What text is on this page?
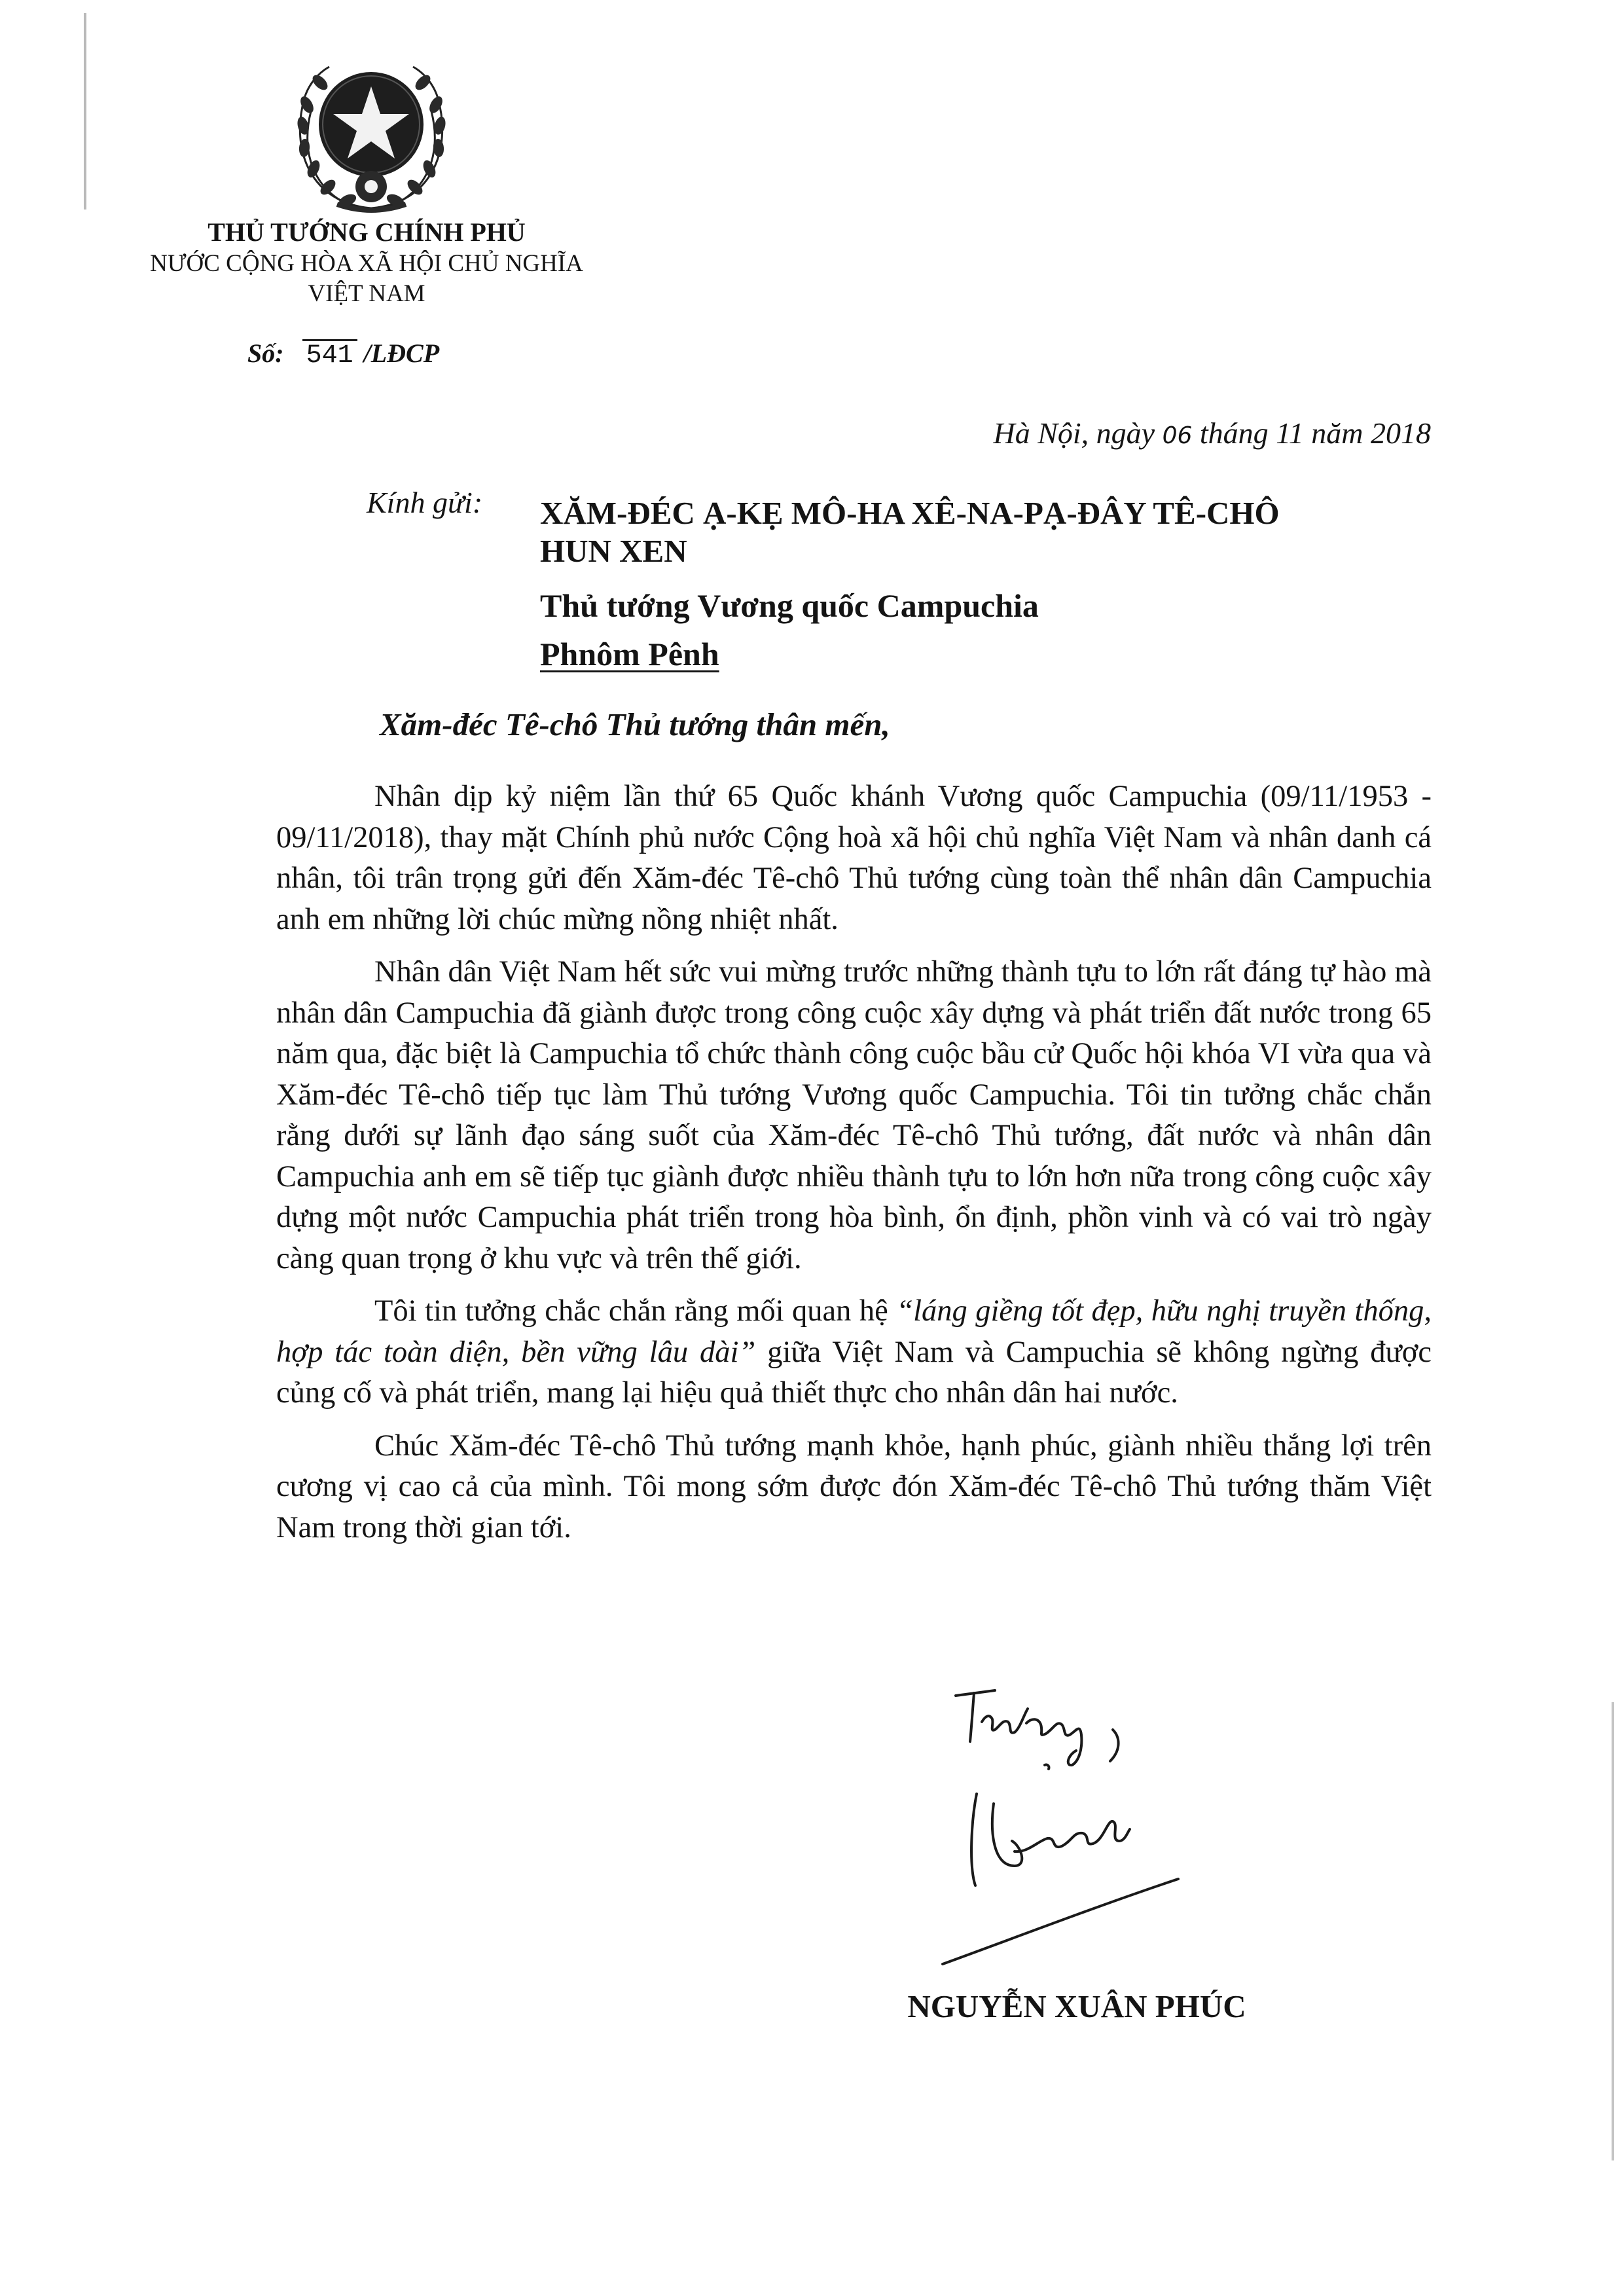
THỦ TƯỚNG CHÍNH PHỦ
NƯỚC CỘNG HÒA XÃ HỘI CHỦ NGHĨA
VIỆT NAM
Số: 541 /LĐCP
Hà Nội, ngày 06 tháng 11 năm 2018
Kính gửi: XĂM-ĐÉC Ạ-KẸ MÔ-HA XÊ-NA-PẠ-ĐÂY TÊ-CHÔ
HUN XEN
Thủ tướng Vương quốc Campuchia
Phnôm Pênh
Xăm-đéc Tê-chô Thủ tướng thân mến,

Nhân dịp kỷ niệm lần thứ 65 Quốc khánh Vương quốc Campuchia (09/11/1953 - 09/11/2018), thay mặt Chính phủ nước Cộng hoà xã hội chủ nghĩa Việt Nam và nhân danh cá nhân, tôi trân trọng gửi đến Xăm-đéc Tê-chô Thủ tướng cùng toàn thể nhân dân Campuchia anh em những lời chúc mừng nồng nhiệt nhất.

Nhân dân Việt Nam hết sức vui mừng trước những thành tựu to lớn rất đáng tự hào mà nhân dân Campuchia đã giành được trong công cuộc xây dựng và phát triển đất nước trong 65 năm qua, đặc biệt là Campuchia tổ chức thành công cuộc bầu cử Quốc hội khóa VI vừa qua và Xăm-đéc Tê-chô tiếp tục làm Thủ tướng Vương quốc Campuchia. Tôi tin tưởng chắc chắn rằng dưới sự lãnh đạo sáng suốt của Xăm-đéc Tê-chô Thủ tướng, đất nước và nhân dân Campuchia anh em sẽ tiếp tục giành được nhiều thành tựu to lớn hơn nữa trong công cuộc xây dựng một nước Campuchia phát triển trong hòa bình, ổn định, phồn vinh và có vai trò ngày càng quan trọng ở khu vực và trên thế giới.

Tôi tin tưởng chắc chắn rằng mối quan hệ “láng giềng tốt đẹp, hữu nghị truyền thống, hợp tác toàn diện, bền vững lâu dài” giữa Việt Nam và Campuchia sẽ không ngừng được củng cố và phát triển, mang lại hiệu quả thiết thực cho nhân dân hai nước.

Chúc Xăm-đéc Tê-chô Thủ tướng mạnh khỏe, hạnh phúc, giành nhiều thắng lợi trên cương vị cao cả của mình. Tôi mong sớm được đón Xăm-đéc Tê-chô Thủ tướng thăm Việt Nam trong thời gian tới.

NGUYỄN XUÂN PHÚC
